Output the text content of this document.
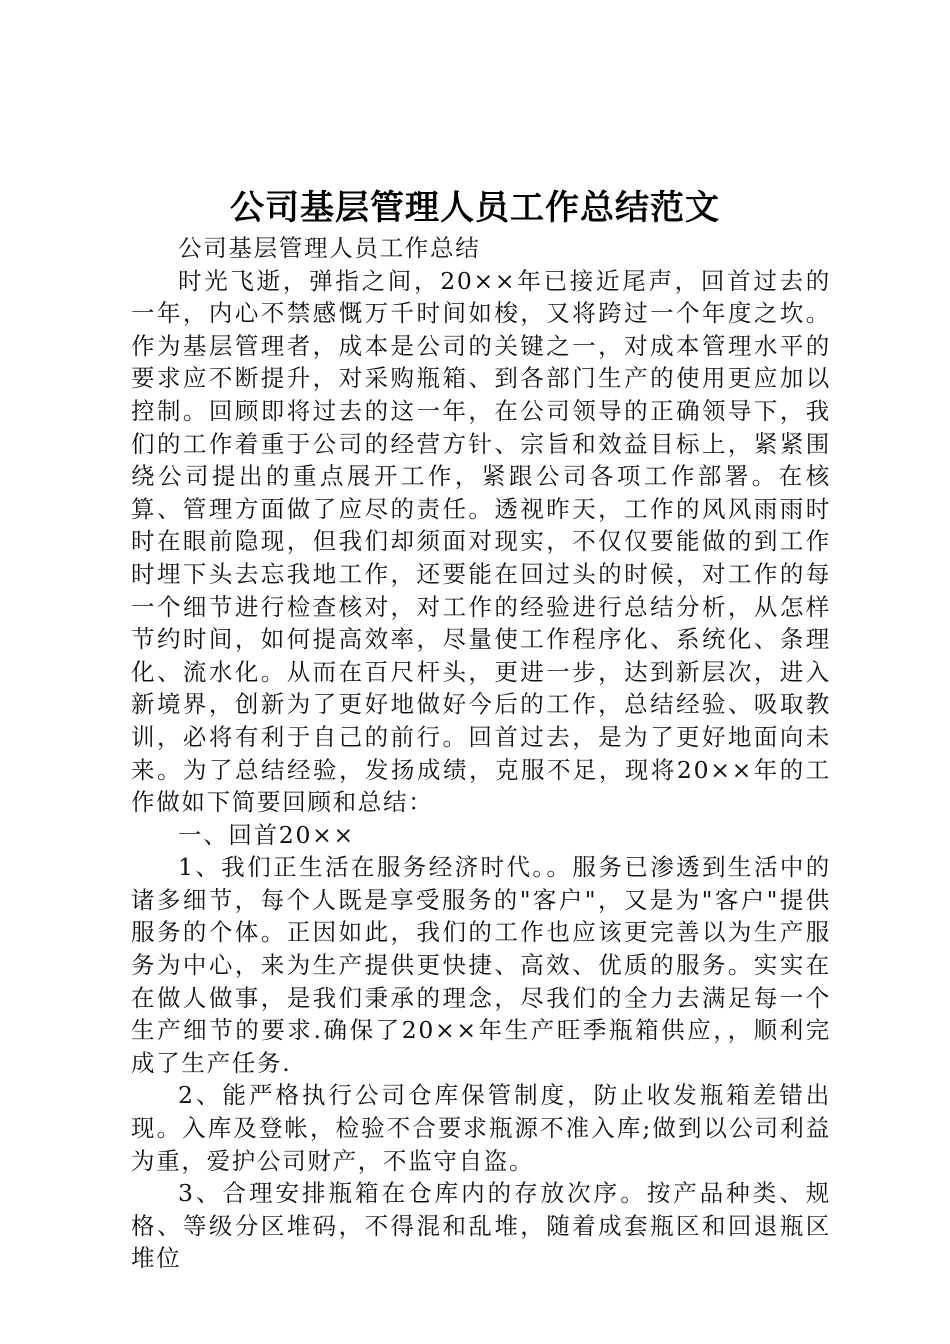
公司基层管理人员工作总结范文

公司基层管理人员工作总结

时光飞逝，弹指之间，20××年已接近尾声，回首过去的一年，内心不禁感慨万千时间如梭，又将跨过一个年度之坎。作为基层管理者，成本是公司的关键之一，对成本管理水平的要求应不断提升，对采购瓶箱、到各部门生产的使用更应加以控制。回顾即将过去的这一年，在公司领导的正确领导下，我们的工作着重于公司的经营方针、宗旨和效益目标上，紧紧围绕公司提出的重点展开工作，紧跟公司各项工作部署。在核算、管理方面做了应尽的责任。透视昨天，工作的风风雨雨时时在眼前隐现，但我们却须面对现实，不仅仅要能做的到工作时埋下头去忘我地工作，还要能在回过头的时候，对工作的每一个细节进行检查核对，对工作的经验进行总结分析，从怎样节约时间，如何提高效率，尽量使工作程序化、系统化、条理化、流水化。从而在百尺杆头，更进一步，达到新层次，进入新境界，创新为了更好地做好今后的工作，总结经验、吸取教训，必将有利于自己的前行。回首过去，是为了更好地面向未来。为了总结经验，发扬成绩，克服不足，现将20××年的工作做如下简要回顾和总结：

一、回首20××

1、我们正生活在服务经济时代。。服务已渗透到生活中的诸多细节，每个人既是享受服务的"客户"，又是为"客户"提供服务的个体。正因如此，我们的工作也应该更完善以为生产服务为中心，来为生产提供更快捷、高效、优质的服务。实实在在做人做事，是我们秉承的理念，尽我们的全力去满足每一个生产细节的要求.确保了20××年生产旺季瓶箱供应，，顺利完成了生产任务.

2、能严格执行公司仓库保管制度，防止收发瓶箱差错出现。入库及登帐，检验不合要求瓶源不准入库;做到以公司利益为重，爱护公司财产，不监守自盗。

3、合理安排瓶箱在仓库内的存放次序。按产品种类、规格、等级分区堆码，不得混和乱堆，随着成套瓶区和回退瓶区堆位
